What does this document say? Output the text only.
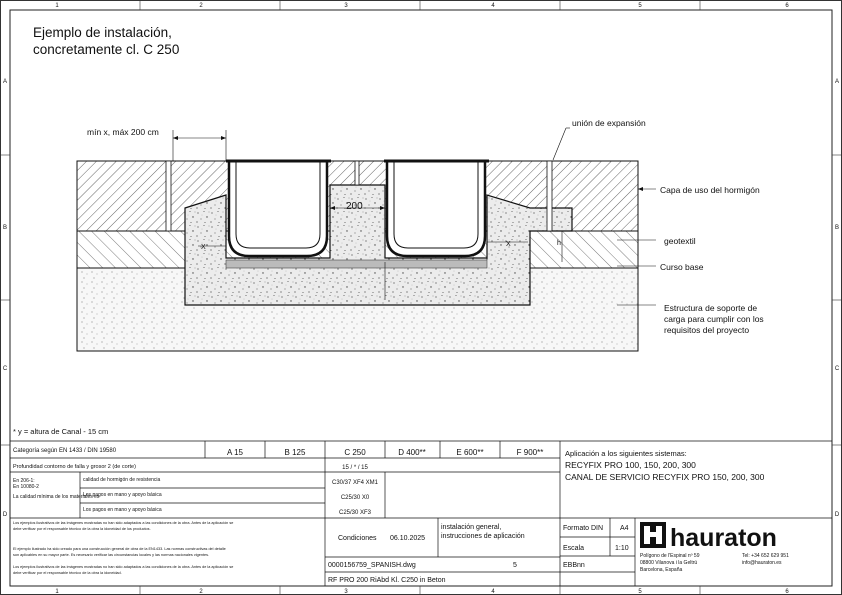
1	2	3	4	5	6
1	2	3	4	5	6
A
B
C
D
A
B
C
D
Ejemplo de instalación,
concretamente cl. C 250
mín x, máx 200 cm
unión de expansión
Capa de uso del hormigón
geotextil
Curso base
Estructura de soporte de
carga para cumplir con los
requisitos del proyecto
200
X	X	h
* y = altura de Canal - 15 cm
Categoría según EN 1433 / DIN 19580	A 15	B 125	C 250	D 400**	E 600**	F 900**
Profundidad contorno de falla y grosor 2 (de corte)	15 / * / 15
En 206-1:
En 10080-2
La calidad mínima de los materiales es
calidad de hormigón de resistencia	C30/37 XF4 XM1
Los pagos en mano y apoyo básica	C25/30 X0
Los pagos en mano y apoyo básica	C25/30 XF3
Aplicación a los siguientes sistemas:
RECYFIX PRO 100, 150, 200, 300
CANAL DE SERVICIO RECYFIX PRO 150, 200, 300
Los ejemplos ilustrativos de las imágenes mostradas no han sido adaptados a las condiciones de la obra. Antes de la aplicación se
debe verificar por el responsable técnico de la obra la idoneidad de los productos.
El ejemplo ilustrado ha sido creado para una construcción general de obra de la EN1433. Las normas constructivas del detalle
son aplicables en su mayor parte. Es necesario verificar las circunstancias locales y las normas nacionales vigentes.
Los ejemplos ilustrativos de las imágenes mostradas no han sido adaptados a las condiciones de la obra. Antes de la aplicación se
debe verificar por el responsable técnico de la obra la idoneidad.
Condiciones 06.10.2025
instalación general,
instrucciones de aplicación
0000156759_SPANISH.dwg	5
RF PRO 200 RiAbd Kl. C250 in Beton
Formato DIN A4
Escala	1:10
EBBnn
Polígono de l'Espinal nº 59
08800 Vilanova i la Geltrú
Barcelona, España
Tel: +34 652 629 951
info@hauraton.es
hauraton
